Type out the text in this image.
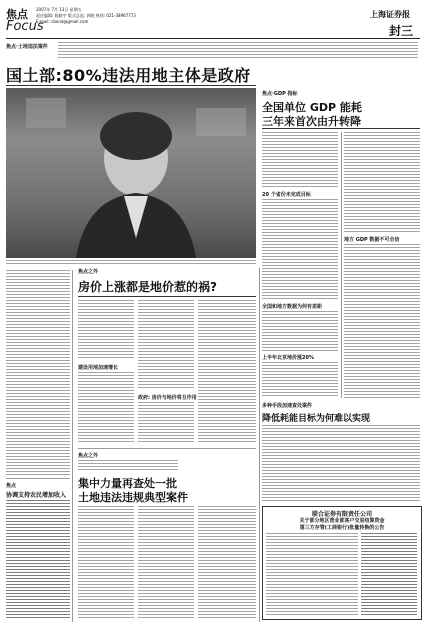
焦点
Focus
2007年 7月 13日 星期五
责任编辑: 陈晓宇 版式总监: 郭晓 热线: 021-38967773
E-mail: cbond@gmail.com
上海证券报
封三
焦点·土地违法案件
国土部:80%违法用地主体是政府
焦点·GDP 指标
全国单位 GDP 能耗
三年来首次由升转降
20 个省份未完成目标
全国和地方数据为何有差距
上半年北京地价涨20%
地方 GDP 数据不可全信
焦点之外
房价上涨都是地价惹的祸?
建设用地加速增长
政府: 房价与地价将互作用
焦点之外
集中力量再查处一批
土地违法违规典型案件
焦点
协调支持农民增加收入
多种手段加速查处案件
降低耗能目标为何难以实现
联合证券有限责任公司
关于部分地区营业部客户交易结算资金
第三方存管(工商银行)批量转换的公告
